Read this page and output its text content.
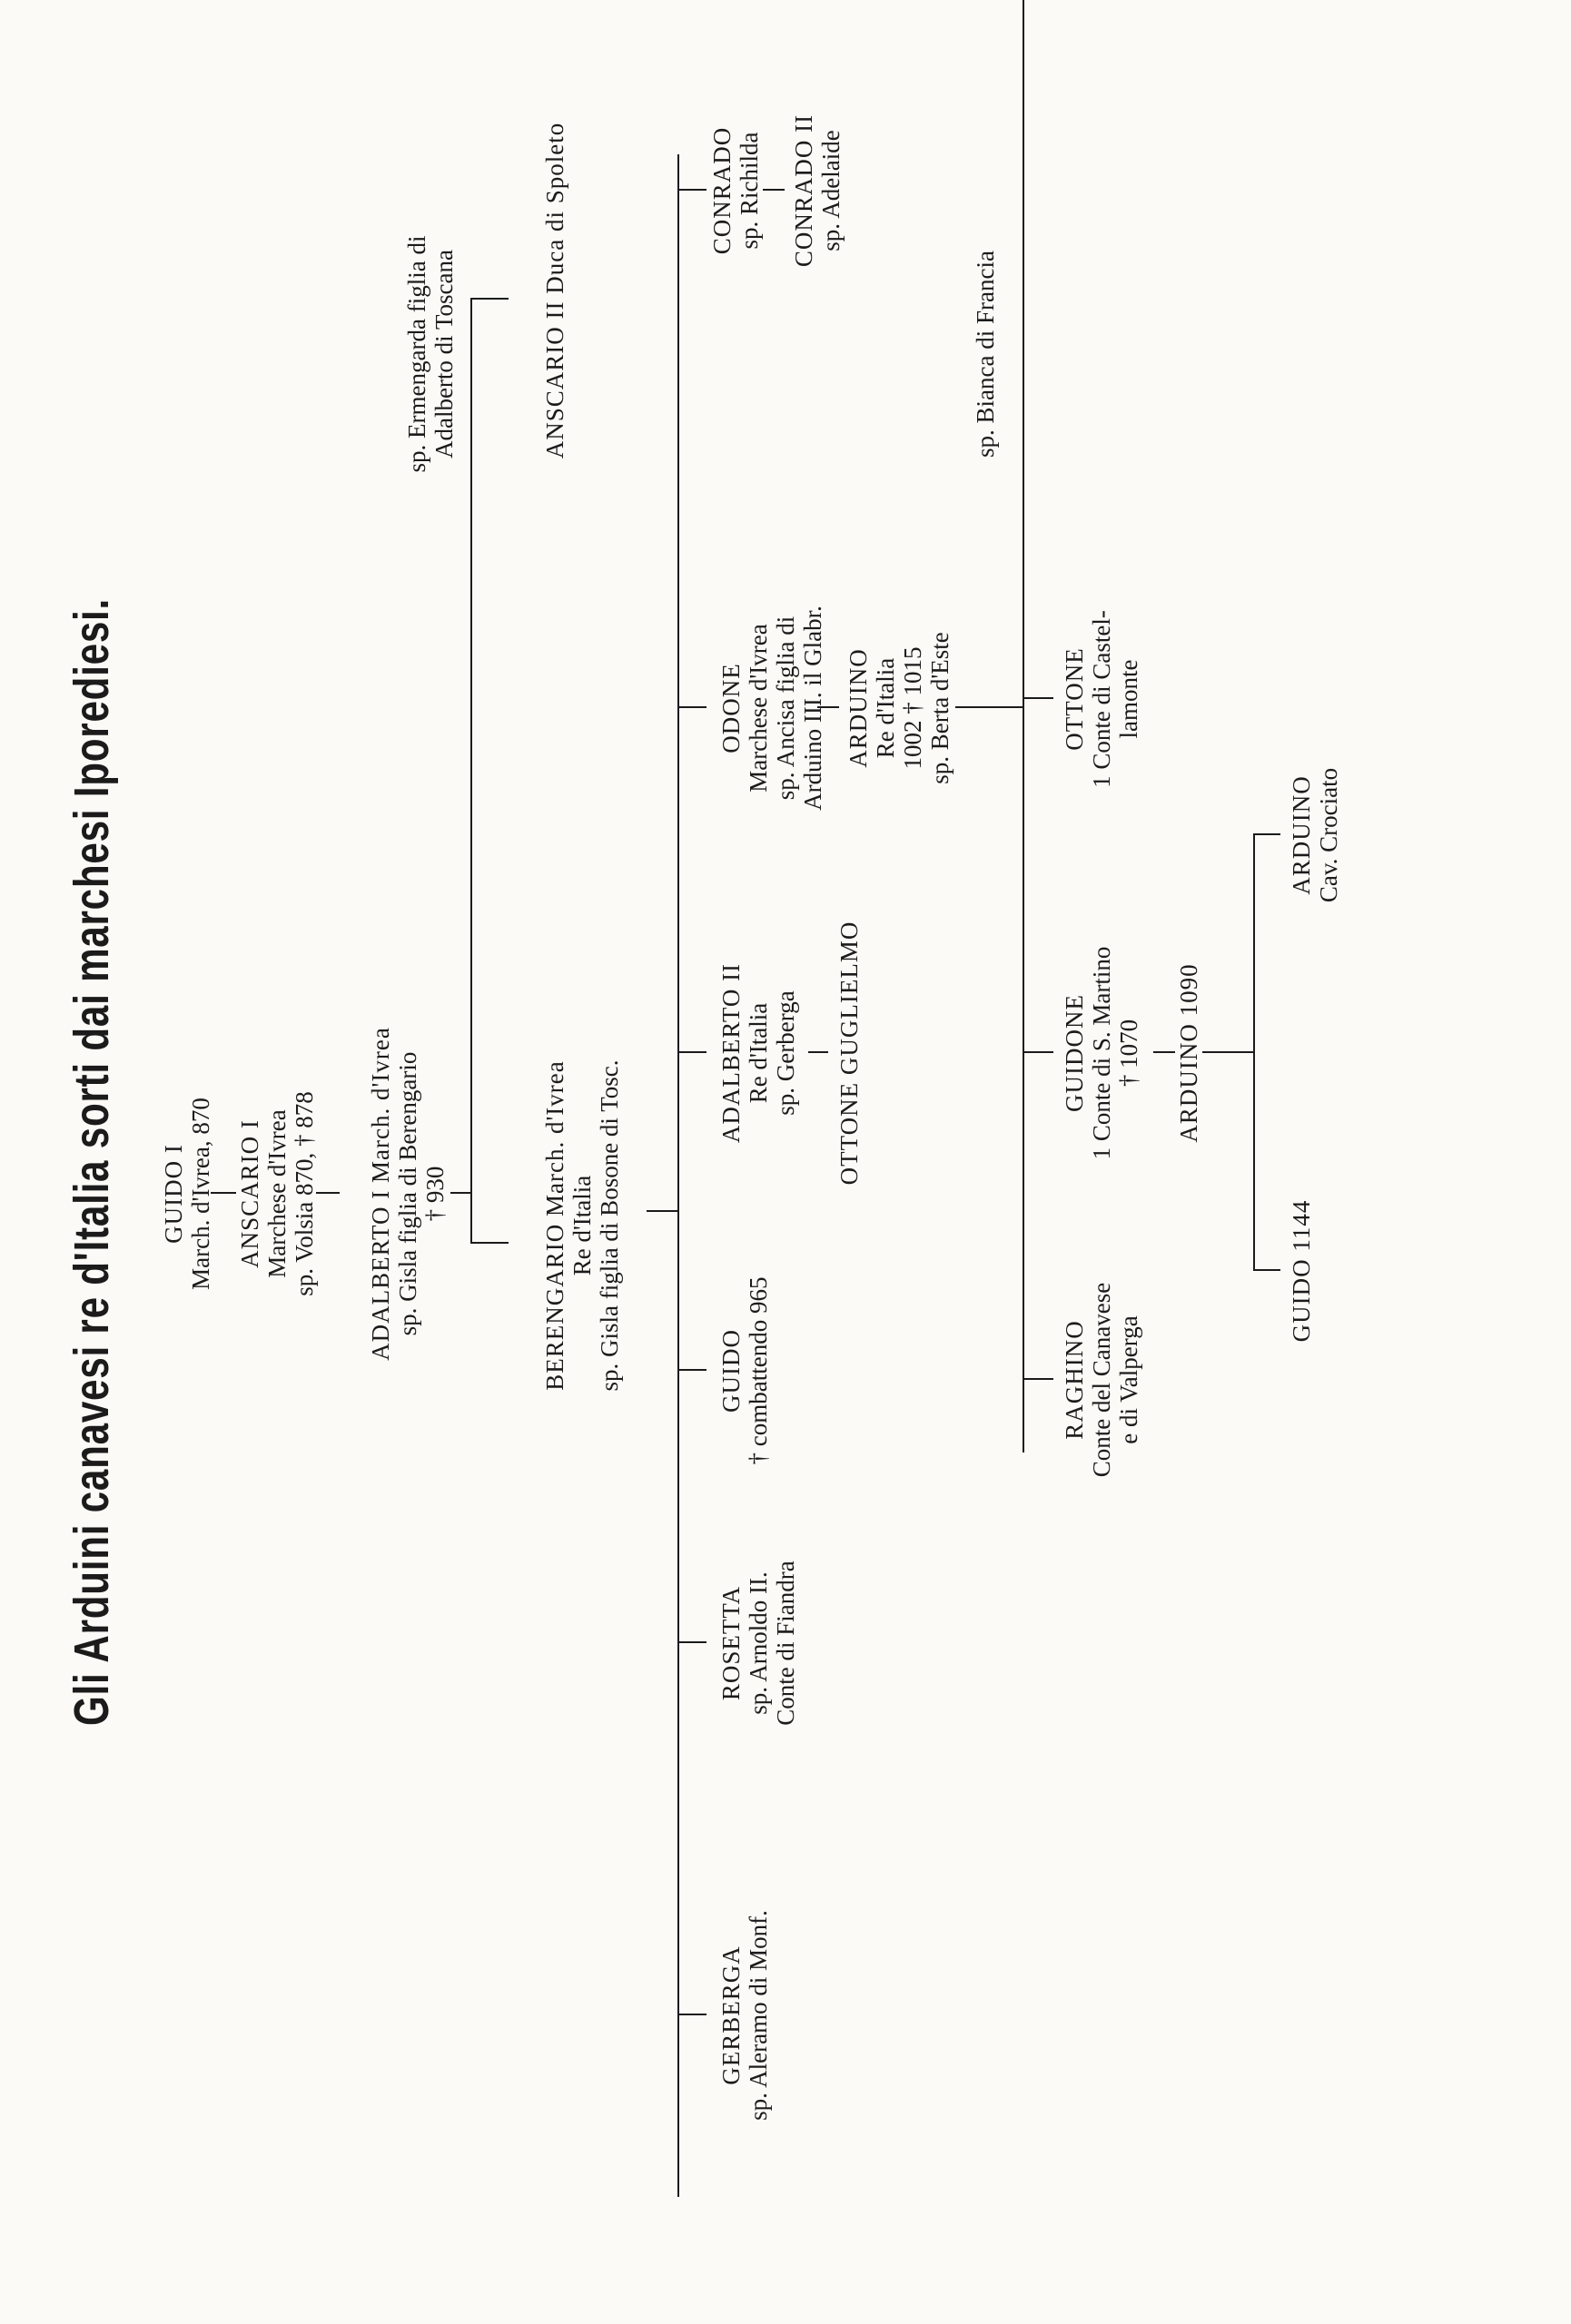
Gli Arduini canavesi re d'Italia sorti dai marchesi Iporediesi. GUIDO I March. d'Ivrea, 870 ANSCARIO I Marchese d'Ivrea sp. Volsia 870, † 878 ADALBERTO I March. d'Ivrea sp. Gisla figlia di Berengario † 930
sp. Ermengarda figlia di Adalberto di Toscana
BERENGARIO March. d'Ivrea Re d'Italia sp. Gisla figlia di Bosone di Tosc.
ANSCARIO II Duca di Spoleto
GERBERGA sp. Aleramo di Monf.
ROSETTA sp. Arnoldo II. Conte di Fiandra
GUIDO † combattendo 965
ADALBERTO II Re d'Italia sp. Gerberga OTTONE GUGLIELMO
ODONE Marchese d'Ivrea sp. Ancisa figlia di Arduino III. il Glabr.
CONRADO sp. Richilda CONRADO II sp. Adelaide
ARDUINO Re d'Italia 1002 † 1015 sp. Berta d'Este
sp. Bianca di Francia
RAGHINO Conte del Canavese e di Valperga
GUIDONE 1 Conte di S. Martino † 1070
OTTONE 1 Conte di Castel- lamonte
ARDUINO 1090
GUIDO 1144
ARDUINO Cav. Crociato
